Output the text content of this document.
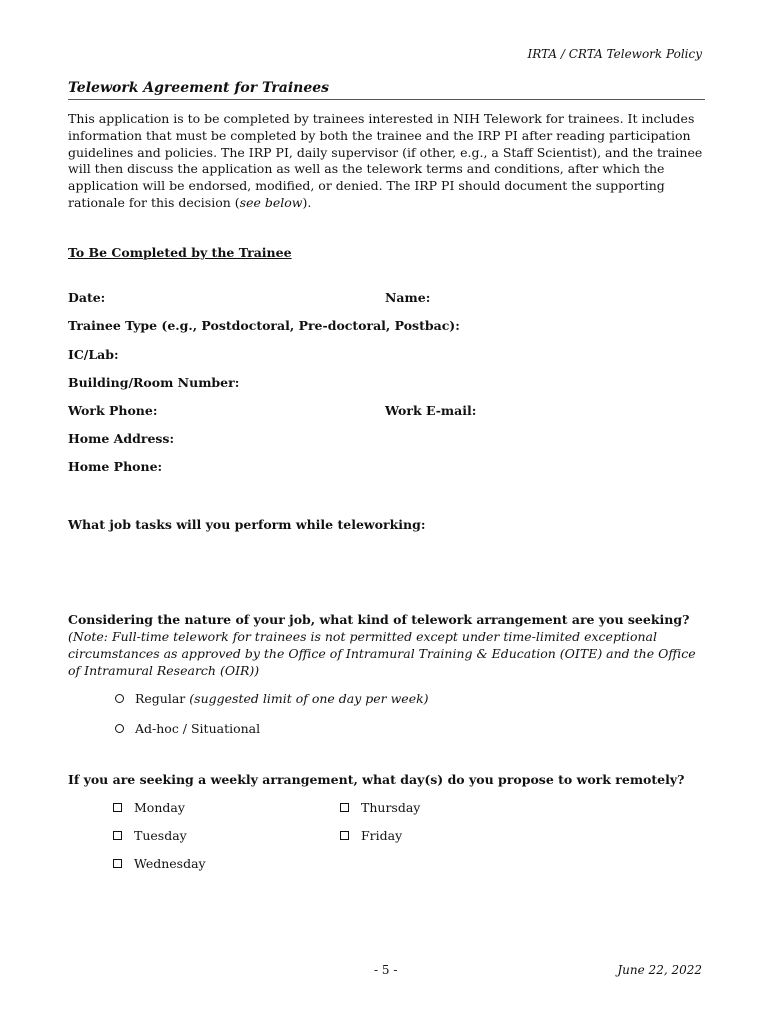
IRTA / CRTA Telework Policy
Telework Agreement for Trainees
This application is to be completed by trainees interested in NIH Telework for trainees. It includes information that must be completed by both the trainee and the IRP PI after reading participation guidelines and policies. The IRP PI, daily supervisor (if other, e.g., a Staff Scientist), and the trainee will then discuss the application as well as the telework terms and conditions, after which the application will be endorsed, modified, or denied. The IRP PI should document the supporting rationale for this decision (see below).
To Be Completed by the Trainee
Date:	Name:
Trainee Type (e.g., Postdoctoral, Pre-doctoral, Postbac):
IC/Lab:
Building/Room Number:
Work Phone:	Work E-mail:
Home Address:
Home Phone:
What job tasks will you perform while teleworking:
Considering the nature of your job, what kind of telework arrangement are you seeking?
(Note: Full-time telework for trainees is not permitted except under time-limited exceptional circumstances as approved by the Office of Intramural Training & Education (OITE) and the Office of Intramural Research (OIR))
Regular (suggested limit of one day per week)
Ad-hoc / Situational
If you are seeking a weekly arrangement, what day(s) do you propose to work remotely?
Monday
Tuesday
Wednesday
Thursday
Friday
- 5 -	June 22, 2022
